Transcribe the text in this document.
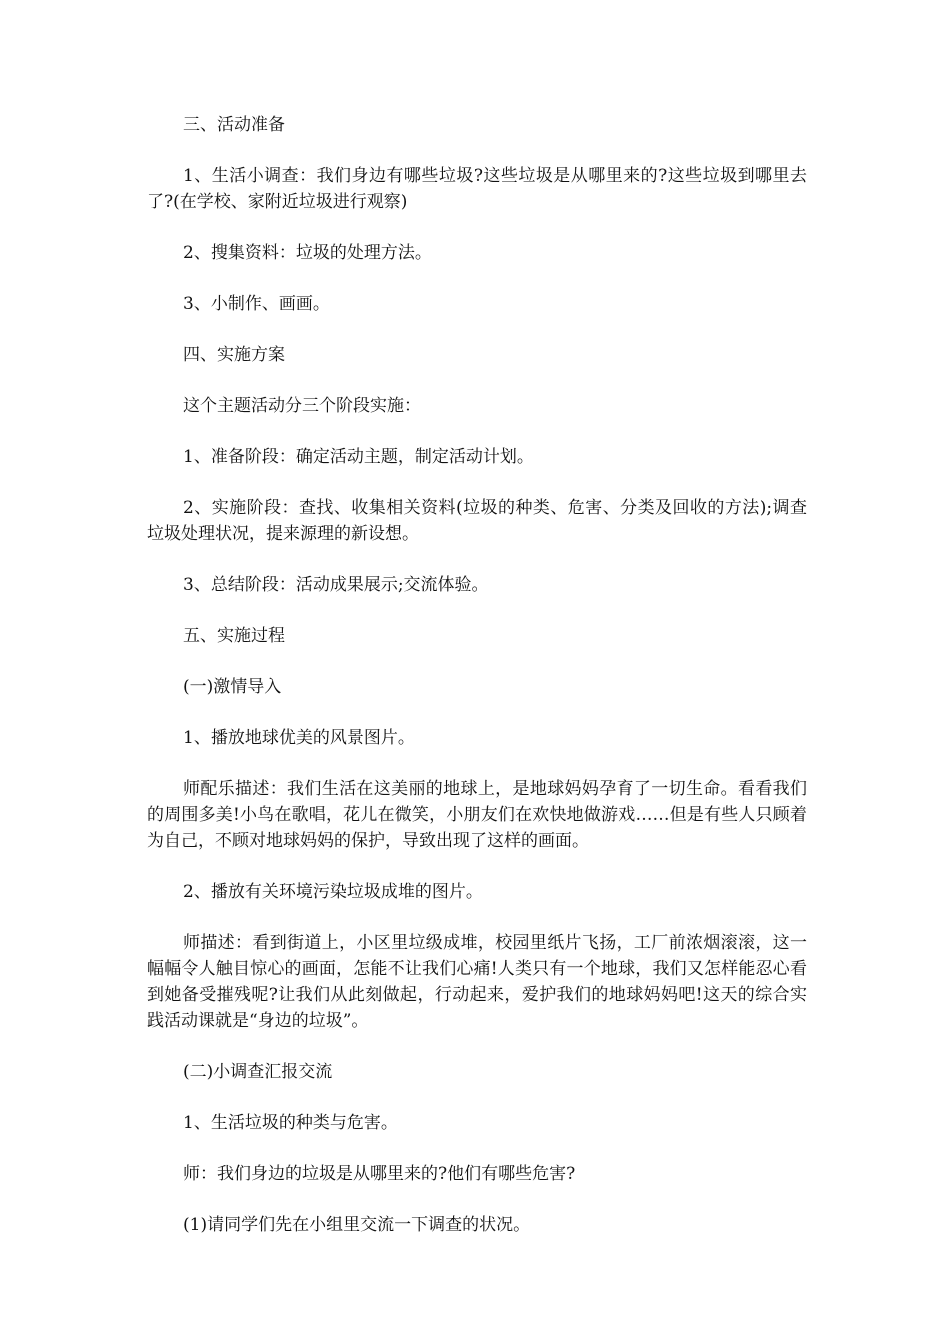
三、活动准备

1、生活小调查：我们身边有哪些垃圾?这些垃圾是从哪里来的?这些垃圾到哪里去了?(在学校、家附近垃圾进行观察)

2、搜集资料：垃圾的处理方法。

3、小制作、画画。

四、实施方案

这个主题活动分三个阶段实施：

1、准备阶段：确定活动主题，制定活动计划。

2、实施阶段：查找、收集相关资料(垃圾的种类、危害、分类及回收的方法);调查垃圾处理状况，提来源理的新设想。

3、总结阶段：活动成果展示;交流体验。

五、实施过程

(一)激情导入

1、播放地球优美的风景图片。

师配乐描述：我们生活在这美丽的地球上，是地球妈妈孕育了一切生命。看看我们的周围多美!小鸟在歌唱，花儿在微笑，小朋友们在欢快地做游戏……但是有些人只顾着为自己，不顾对地球妈妈的保护，导致出现了这样的画面。

2、播放有关环境污染垃圾成堆的图片。

师描述：看到街道上，小区里垃级成堆，校园里纸片飞扬，工厂前浓烟滚滚，这一幅幅令人触目惊心的画面，怎能不让我们心痛!人类只有一个地球，我们又怎样能忍心看到她备受摧残呢?让我们从此刻做起，行动起来，爱护我们的地球妈妈吧!这天的综合实践活动课就是“身边的垃圾”。

(二)小调查汇报交流

1、生活垃圾的种类与危害。

师：我们身边的垃圾是从哪里来的?他们有哪些危害?

(1)请同学们先在小组里交流一下调查的状况。
